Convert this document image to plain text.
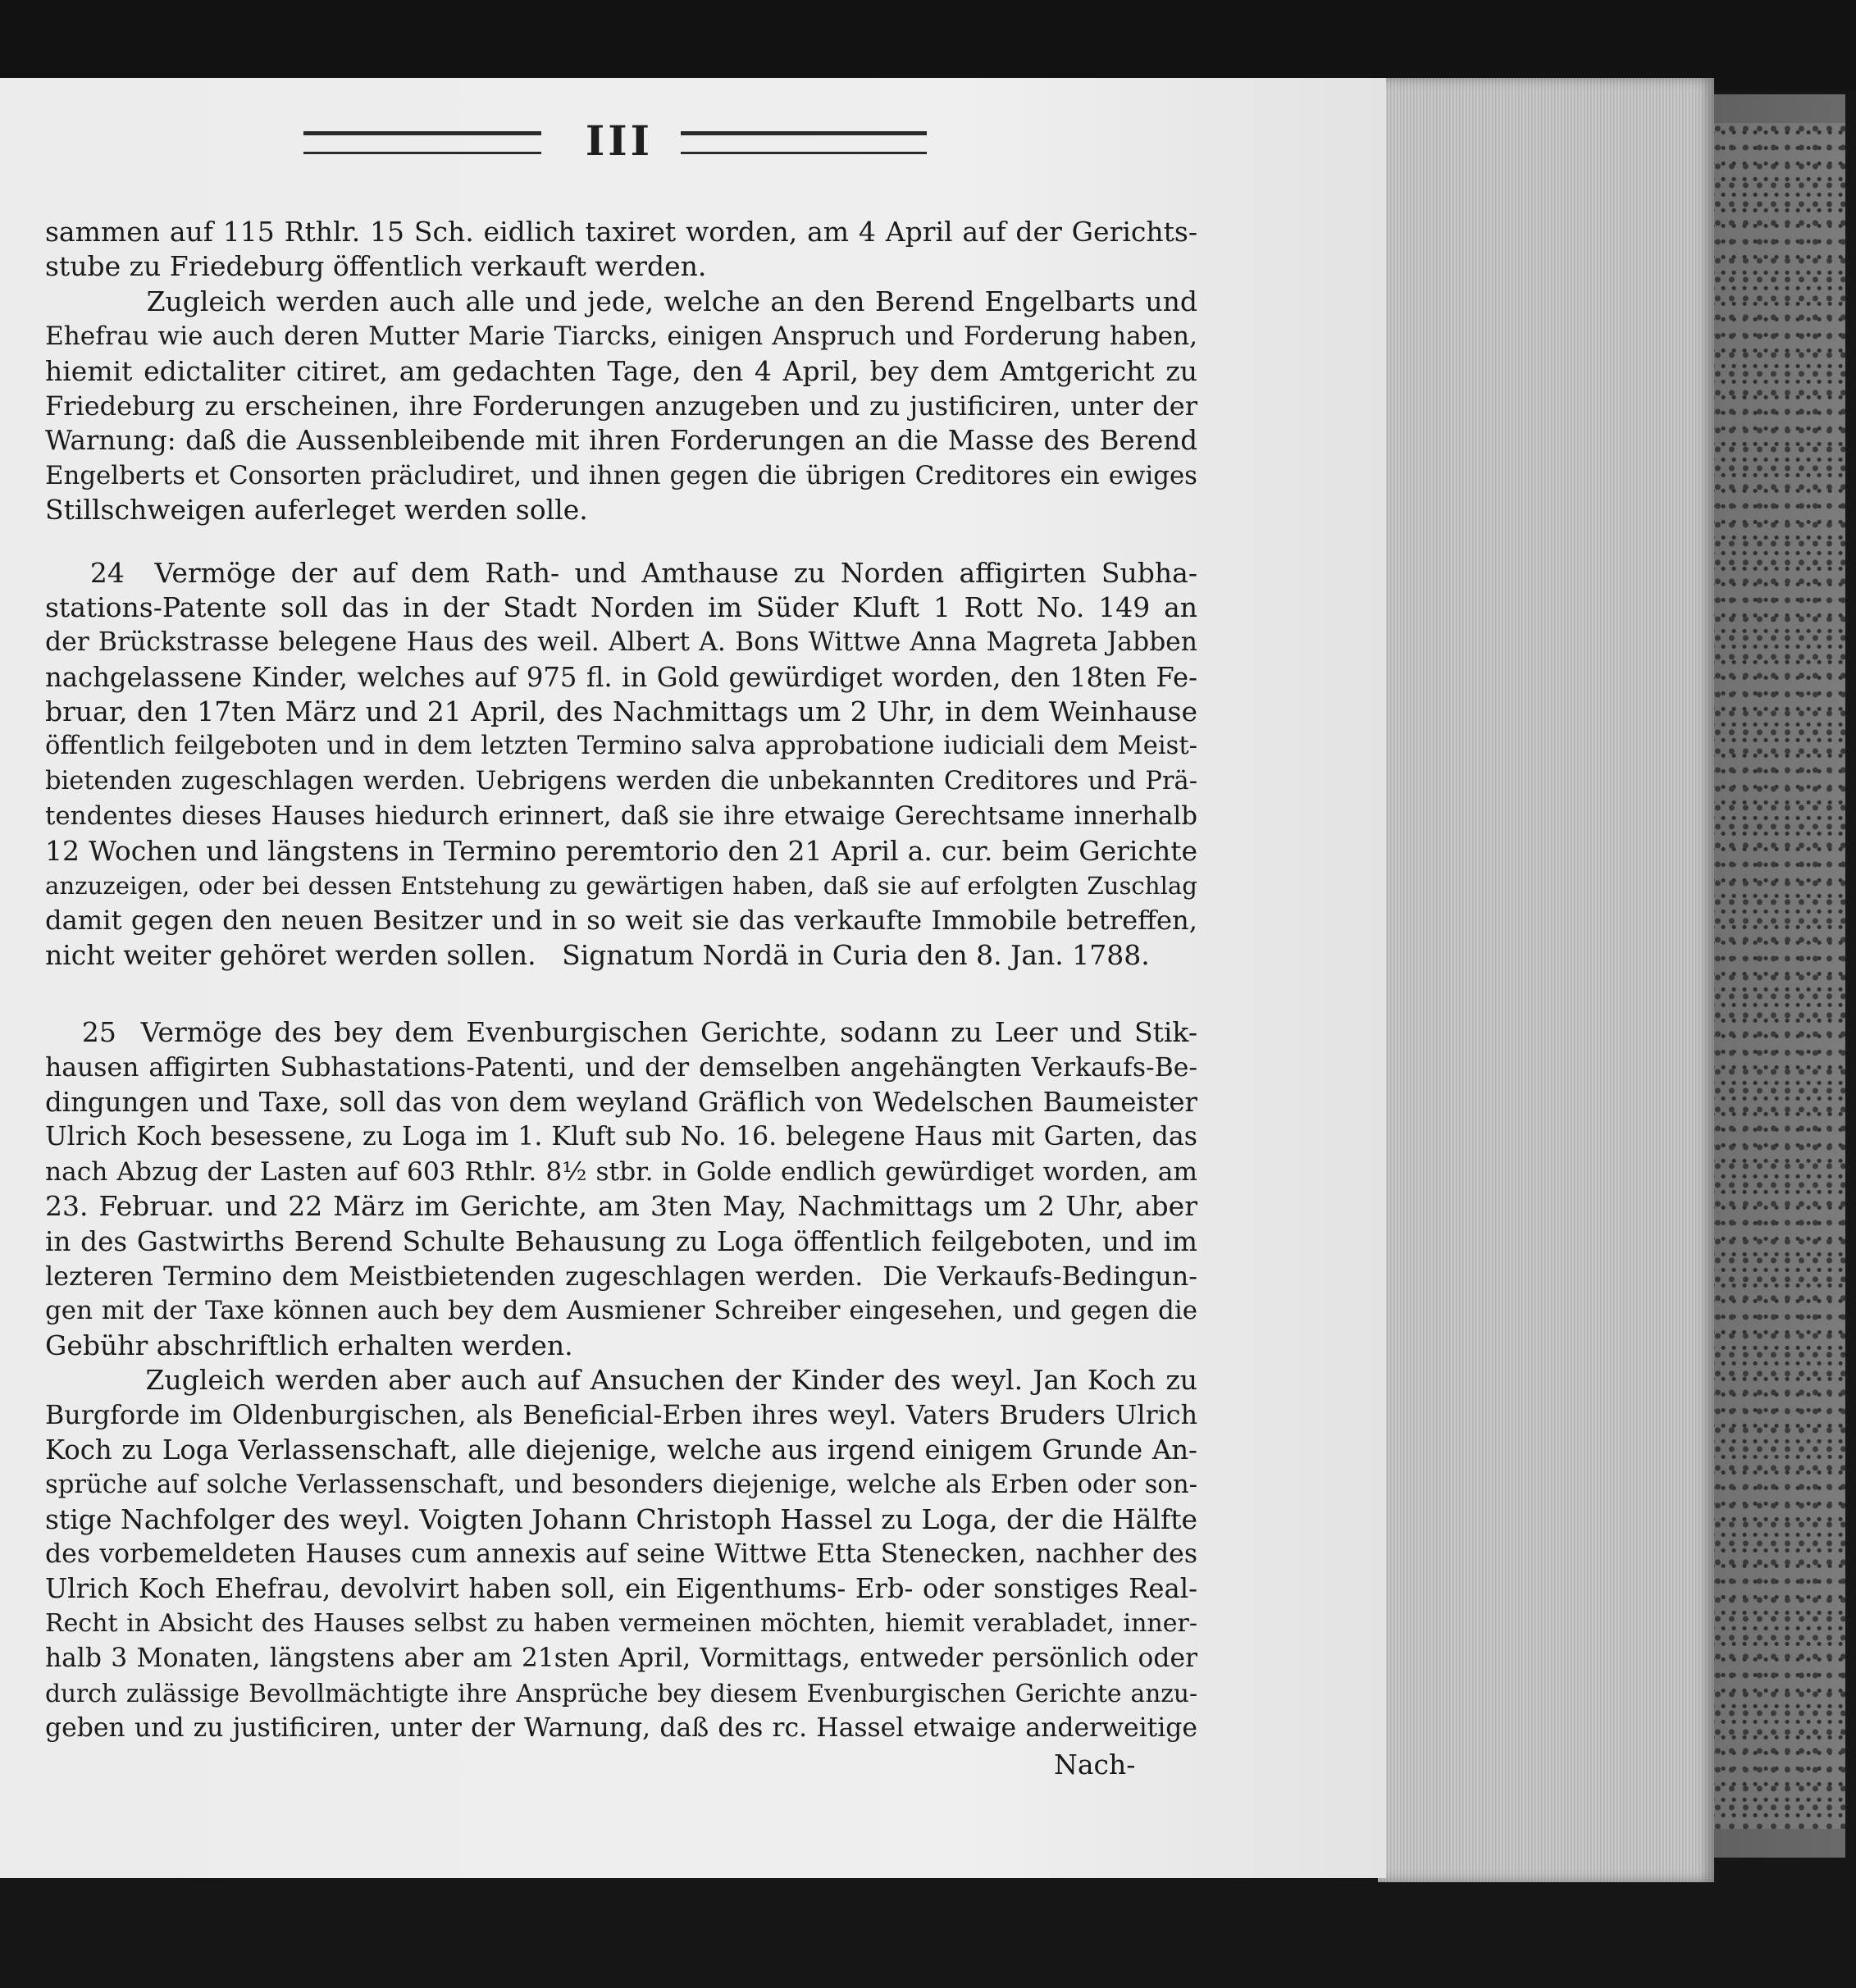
III
sammen auf 115 Rthlr. 15 Sch. eidlich taxiret worden, am 4 April auf der Gerichts-
stube zu Friedeburg öffentlich verkauft werden.
Zugleich werden auch alle und jede, welche an den Berend Engelbarts und
Ehefrau wie auch deren Mutter Marie Tiarcks, einigen Anspruch und Forderung haben,
hiemit edictaliter citiret, am gedachten Tage, den 4 April, bey dem Amtgericht zu
Friedeburg zu erscheinen, ihre Forderungen anzugeben und zu justificiren, unter der
Warnung: daß die Aussenbleibende mit ihren Forderungen an die Masse des Berend
Engelberts et Consorten präcludiret, und ihnen gegen die übrigen Creditores ein ewiges
Stillschweigen auferleget werden solle.
24  Vermöge der auf dem Rath- und Amthause zu Norden affigirten Subha-
stations-Patente soll das in der Stadt Norden im Süder Kluft 1 Rott No. 149 an
der Brückstrasse belegene Haus des weil. Albert A. Bons Wittwe Anna Magreta Jabben
nachgelassene Kinder, welches auf 975 fl. in Gold gewürdiget worden, den 18ten Fe-
bruar, den 17ten März und 21 April, des Nachmittags um 2 Uhr, in dem Weinhause
öffentlich feilgeboten und in dem letzten Termino salva approbatione iudiciali dem Meist-
bietenden zugeschlagen werden. Uebrigens werden die unbekannten Creditores und Prä-
tendentes dieses Hauses hiedurch erinnert, daß sie ihre etwaige Gerechtsame innerhalb
12 Wochen und längstens in Termino peremtorio den 21 April a. cur. beim Gerichte
anzuzeigen, oder bei dessen Entstehung zu gewärtigen haben, daß sie auf erfolgten Zuschlag
damit gegen den neuen Besitzer und in so weit sie das verkaufte Immobile betreffen,
nicht weiter gehöret werden sollen.   Signatum Nordä in Curia den 8. Jan. 1788.
25  Vermöge des bey dem Evenburgischen Gerichte, sodann zu Leer und Stik-
hausen affigirten Subhastations-Patenti, und der demselben angehängten Verkaufs-Be-
dingungen und Taxe, soll das von dem weyland Gräflich von Wedelschen Baumeister
Ulrich Koch besessene, zu Loga im 1. Kluft sub No. 16. belegene Haus mit Garten, das
nach Abzug der Lasten auf 603 Rthlr. 8½ stbr. in Golde endlich gewürdiget worden, am
23. Februar. und 22 März im Gerichte, am 3ten May, Nachmittags um 2 Uhr, aber
in des Gastwirths Berend Schulte Behausung zu Loga öffentlich feilgeboten, und im
lezteren Termino dem Meistbietenden zugeschlagen werden.  Die Verkaufs-Bedingun-
gen mit der Taxe können auch bey dem Ausmiener Schreiber eingesehen, und gegen die
Gebühr abschriftlich erhalten werden.
Zugleich werden aber auch auf Ansuchen der Kinder des weyl. Jan Koch zu
Burgforde im Oldenburgischen, als Beneficial-Erben ihres weyl. Vaters Bruders Ulrich
Koch zu Loga Verlassenschaft, alle diejenige, welche aus irgend einigem Grunde An-
sprüche auf solche Verlassenschaft, und besonders diejenige, welche als Erben oder son-
stige Nachfolger des weyl. Voigten Johann Christoph Hassel zu Loga, der die Hälfte
des vorbemeldeten Hauses cum annexis auf seine Wittwe Etta Stenecken, nachher des
Ulrich Koch Ehefrau, devolvirt haben soll, ein Eigenthums- Erb- oder sonstiges Real-
Recht in Absicht des Hauses selbst zu haben vermeinen möchten, hiemit verabladet, inner-
halb 3 Monaten, längstens aber am 21sten April, Vormittags, entweder persönlich oder
durch zulässige Bevollmächtigte ihre Ansprüche bey diesem Evenburgischen Gerichte anzu-
geben und zu justificiren, unter der Warnung, daß des rc. Hassel etwaige anderweitige
Nach-
